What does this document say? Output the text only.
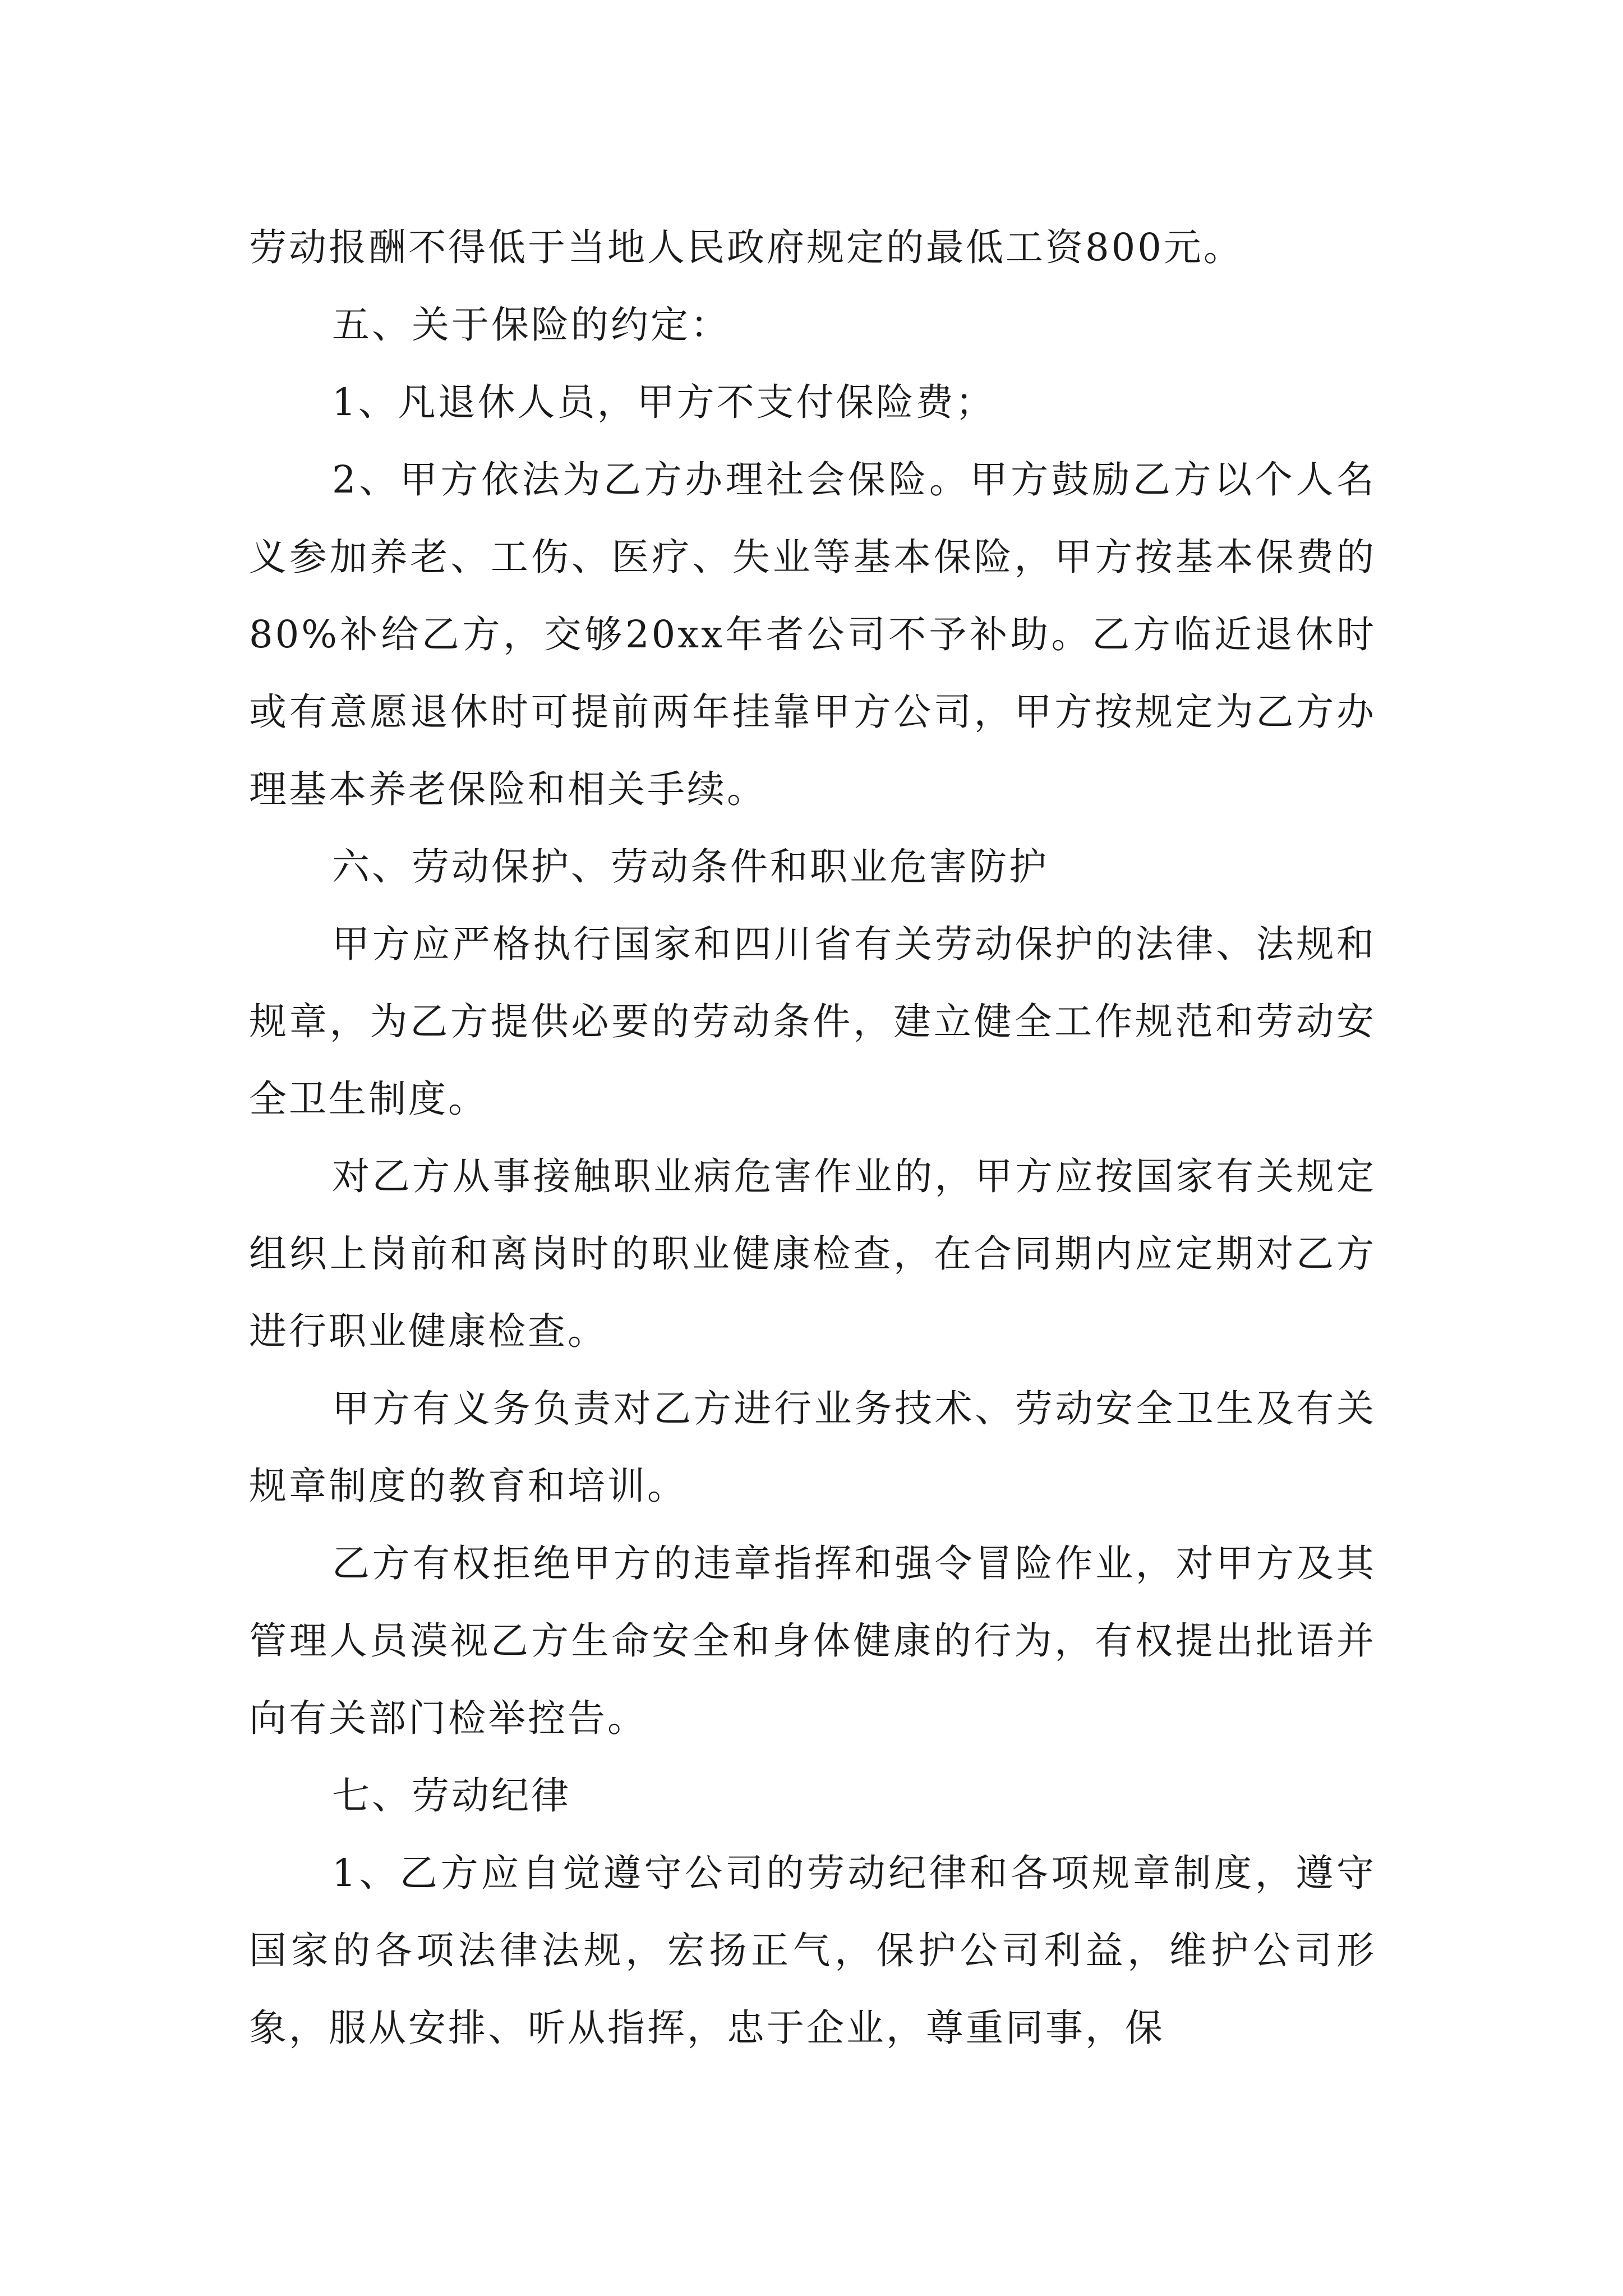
劳动报酬不得低于当地人民政府规定的最低工资800元。

五、关于保险的约定：

1、凡退休人员，甲方不支付保险费；

2、甲方依法为乙方办理社会保险。甲方鼓励乙方以个人名义参加养老、工伤、医疗、失业等基本保险，甲方按基本保费的80%补给乙方，交够20xx年者公司不予补助。乙方临近退休时或有意愿退休时可提前两年挂靠甲方公司，甲方按规定为乙方办理基本养老保险和相关手续。

六、劳动保护、劳动条件和职业危害防护

甲方应严格执行国家和四川省有关劳动保护的法律、法规和规章，为乙方提供必要的劳动条件，建立健全工作规范和劳动安全卫生制度。

对乙方从事接触职业病危害作业的，甲方应按国家有关规定组织上岗前和离岗时的职业健康检查，在合同期内应定期对乙方进行职业健康检查。

甲方有义务负责对乙方进行业务技术、劳动安全卫生及有关规章制度的教育和培训。

乙方有权拒绝甲方的违章指挥和强令冒险作业，对甲方及其管理人员漠视乙方生命安全和身体健康的行为，有权提出批语并向有关部门检举控告。

七、劳动纪律

1、乙方应自觉遵守公司的劳动纪律和各项规章制度，遵守国家的各项法律法规，宏扬正气，保护公司利益，维护公司形象，服从安排、听从指挥，忠于企业，尊重同事，保
